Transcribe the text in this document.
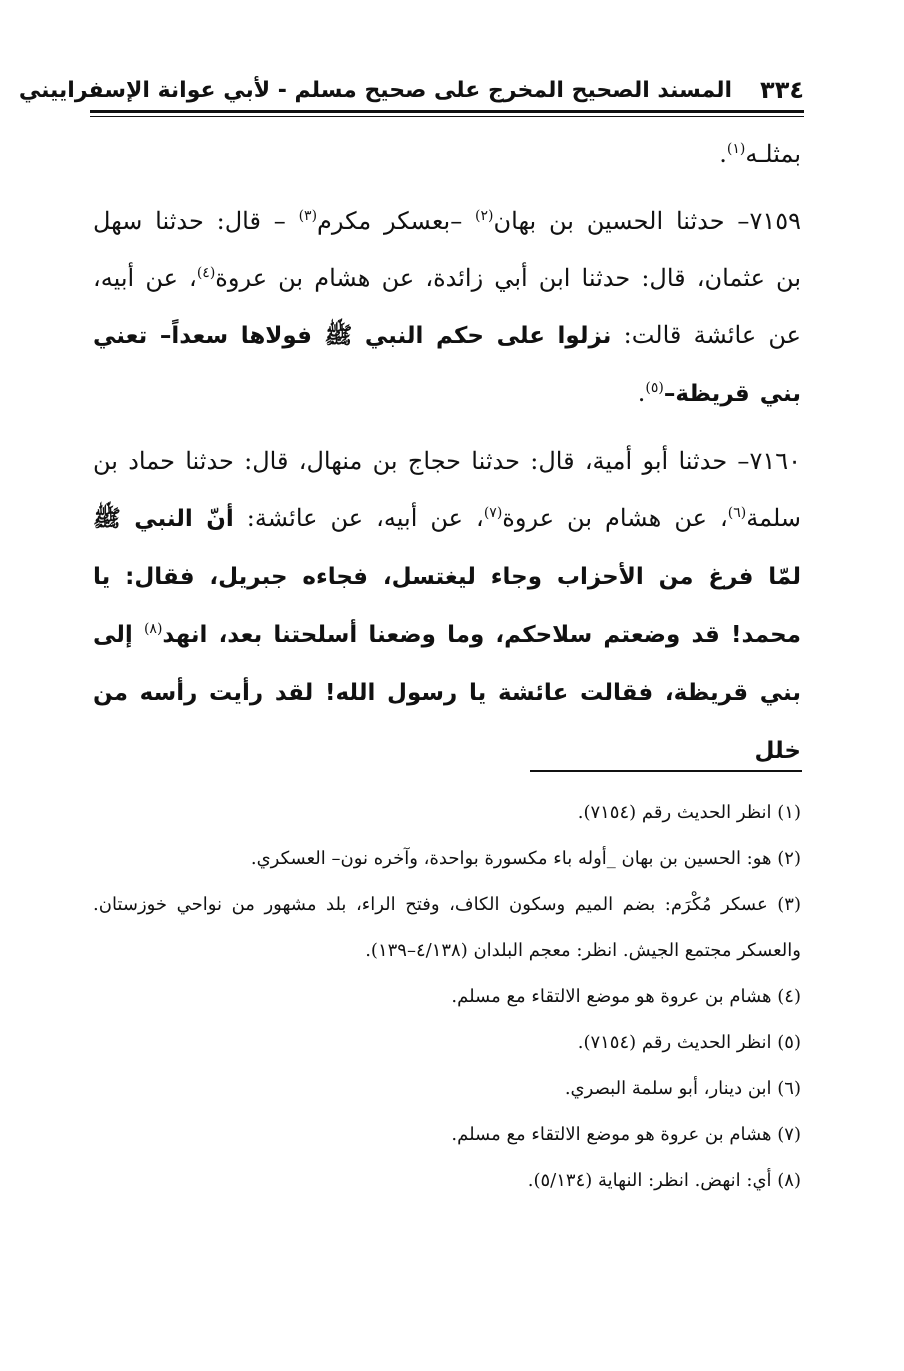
٣٣٤
المسند الصحيح المخرج على صحيح مسلم - لأبي عوانة الإسفراييني

بمثلـه$^{(١)}$.

٧١٥٩– حدثنا الحسين بن بهان$^{(٢)}$ –بعسكر مكرم$^{(٣)}$ – قال: حدثنا سهل بن عثمان، قال: حدثنا ابن أبي زائدة، عن هشام بن عروة$^{(٤)}$، عن أبيه، عن عائشة قالت: نزلوا على حكم النبي ﷺ فولاها سعداً– تعني بني قريظة–$^{(٥)}$.

٧١٦٠– حدثنا أبو أمية، قال: حدثنا حجاج بن منهال، قال: حدثنا حماد بن سلمة$^{(٦)}$، عن هشام بن عروة$^{(٧)}$، عن أبيه، عن عائشة: أنّ النبي ﷺ لمّا فرغ من الأحزاب وجاء ليغتسل، فجاءه جبريل، فقال: يا محمد! قد وضعتم سلاحكم، وما وضعنا أسلحتنا بعد، انهد$^{(٨)}$ إلى بني قريظة، فقالت عائشة يا رسول الله! لقد رأيت رأسه من خلل

(١) انظر الحديث رقم (٧١٥٤).

(٢) هو: الحسين بن بهان _أوله باء مكسورة بواحدة، وآخره نون– العسكري.

(٣) عسكر مُكْرَم: بضم الميم وسكون الكاف، وفتح الراء، بلد مشهور من نواحي خوزستان. والعسكر مجتمع الجيش. انظر: معجم البلدان (٤/١٣٨–١٣٩).

(٤) هشام بن عروة هو موضع الالتقاء مع مسلم.

(٥) انظر الحديث رقم (٧١٥٤).

(٦) ابن دينار، أبو سلمة البصري.

(٧) هشام بن عروة هو موضع الالتقاء مع مسلم.

(٨) أي: انهض. انظر: النهاية (٥/١٣٤).
